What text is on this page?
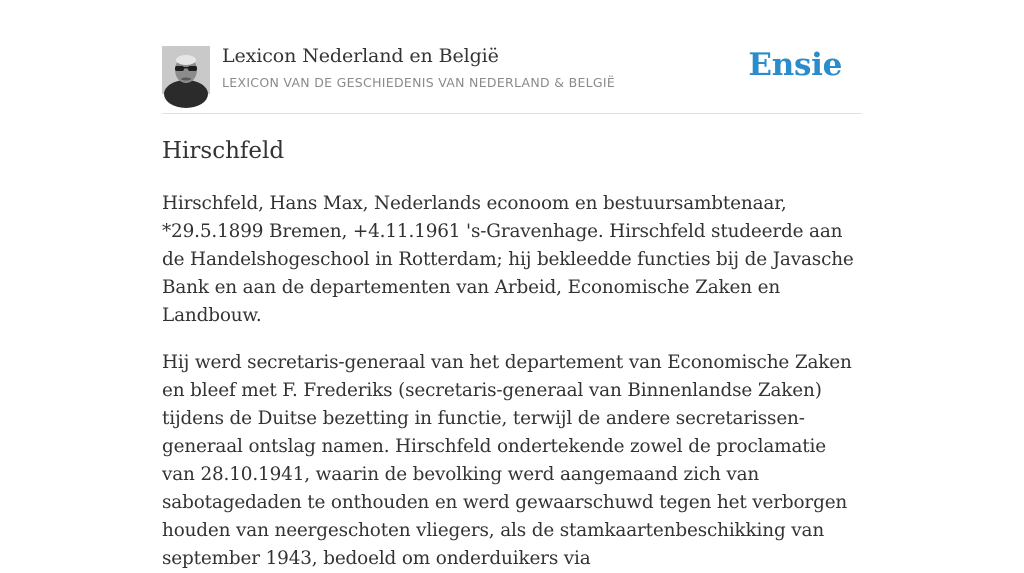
Lexicon Nederland en België
LEXICON VAN DE GESCHIEDENIS VAN NEDERLAND & BELGIË	Ensie
Hirschfeld

Hirschfeld, Hans Max, Nederlands econoom en bestuursambtenaar, *29.5.1899 Bremen, +4.11.1961 's-Gravenhage. Hirschfeld studeerde aan de Handelshogeschool in Rotterdam; hij bekleedde functies bij de Javasche Bank en aan de departementen van Arbeid, Economische Zaken en Landbouw.

Hij werd secretaris-generaal van het departement van Economische Zaken en bleef met F. Frederiks (secretaris-generaal van Binnenlandse Zaken) tijdens de Duitse bezetting in functie, terwijl de andere secretarissen-generaal ontslag namen. Hirschfeld ondertekende zowel de proclamatie van 28.10.1941, waarin de bevolking werd aangemaand zich van sabotagedaden te onthouden en werd gewaarschuwd tegen het verborgen houden van neergeschoten vliegers, als de stamkaartenbeschikking van september 1943, bedoeld om onderduikers via
